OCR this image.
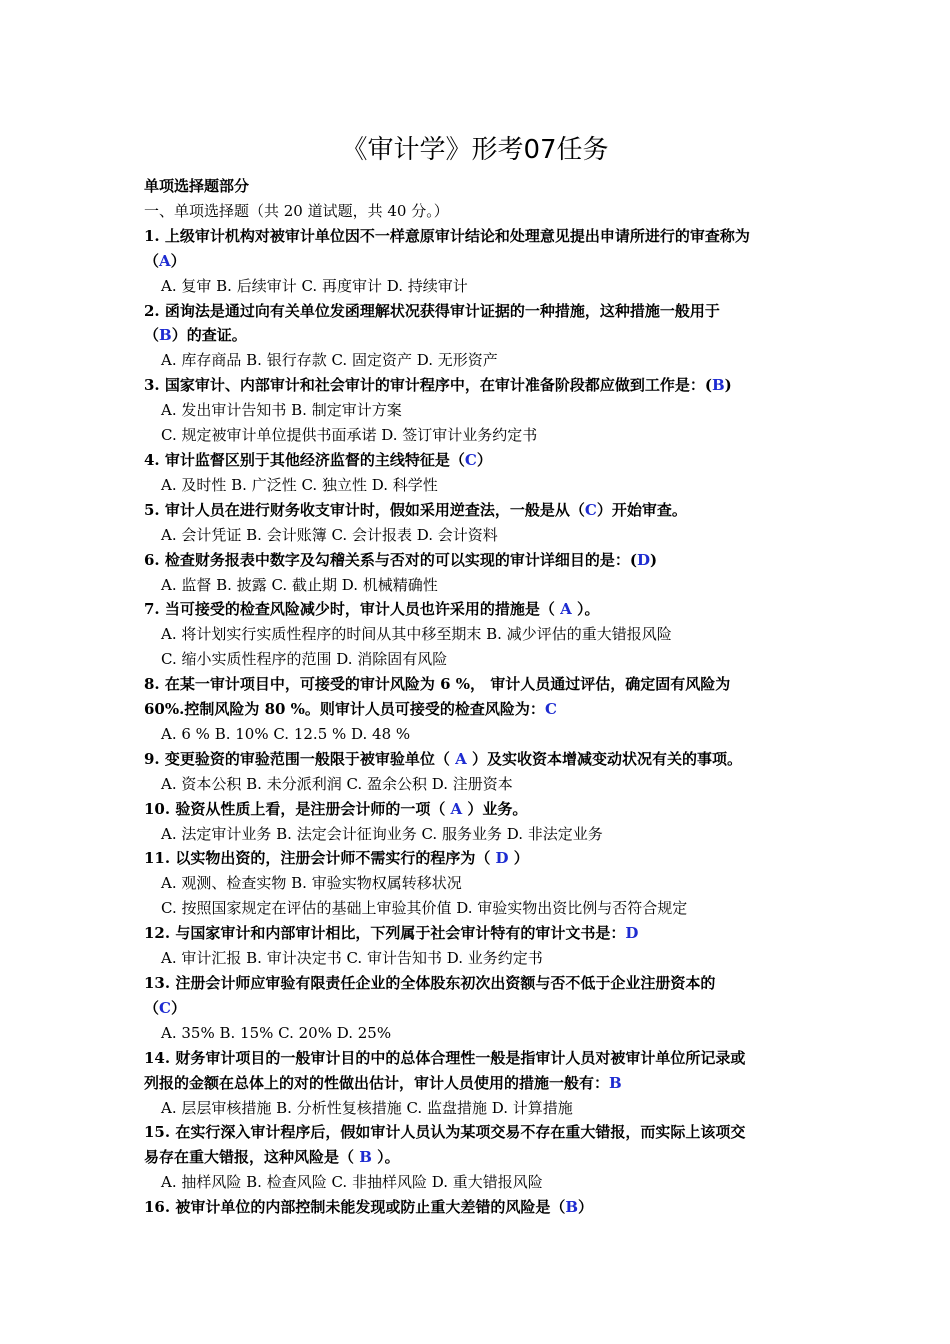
《审计学》形考07任务
单项选择题部分
一、单项选择题（共 20 道试题，共 40 分。）
1. 上级审计机构对被审计单位因不一样意原审计结论和处理意见提出申请所进行的审查称为
（A）
A. 复审 B. 后续审计 C. 再度审计 D. 持续审计
2. 函询法是通过向有关单位发函理解状况获得审计证据的一种措施，这种措施一般用于
（B）的查证。
A. 库存商品 B. 银行存款 C. 固定资产 D. 无形资产
3. 国家审计、内部审计和社会审计的审计程序中，在审计准备阶段都应做到工作是：(B)
A. 发出审计告知书 B. 制定审计方案
C. 规定被审计单位提供书面承诺 D. 签订审计业务约定书
4. 审计监督区别于其他经济监督的主线特征是（C）
A. 及时性 B. 广泛性 C. 独立性 D. 科学性
5. 审计人员在进行财务收支审计时，假如采用逆查法，一般是从（C）开始审查。
A. 会计凭证 B. 会计账簿 C. 会计报表 D. 会计资料
6. 检查财务报表中数字及勾稽关系与否对的可以实现的审计详细目的是：(D)
A. 监督 B. 披露 C. 截止期 D. 机械精确性
7. 当可接受的检查风险减少时，审计人员也许采用的措施是（ A ）。
A. 将计划实行实质性程序的时间从其中移至期末 B. 减少评估的重大错报风险
C. 缩小实质性程序的范围 D. 消除固有风险
8. 在某一审计项目中，可接受的审计风险为 6 %， 审计人员通过评估，确定固有风险为
60%.控制风险为 80 %。则审计人员可接受的检查风险为：C
A. 6 % B. 10% C. 12.5 % D. 48 %
9. 变更验资的审验范围一般限于被审验单位（ A ）及实收资本增减变动状况有关的事项。
A. 资本公积 B. 未分派利润 C. 盈余公积 D. 注册资本
10. 验资从性质上看，是注册会计师的一项（ A ）业务。
A. 法定审计业务 B. 法定会计征询业务 C. 服务业务 D. 非法定业务
11. 以实物出资的，注册会计师不需实行的程序为（ D ）
A. 观测、检查实物 B. 审验实物权属转移状况
C. 按照国家规定在评估的基础上审验其价值 D. 审验实物出资比例与否符合规定
12. 与国家审计和内部审计相比，下列属于社会审计特有的审计文书是：D
A. 审计汇报 B. 审计决定书 C. 审计告知书 D. 业务约定书
13. 注册会计师应审验有限责任企业的全体股东初次出资额与否不低于企业注册资本的
（C）
A. 35% B. 15% C. 20% D. 25%
14. 财务审计项目的一般审计目的中的总体合理性一般是指审计人员对被审计单位所记录或
列报的金额在总体上的对的性做出估计，审计人员使用的措施一般有：B
A. 层层审核措施 B. 分析性复核措施 C. 监盘措施 D. 计算措施
15. 在实行深入审计程序后，假如审计人员认为某项交易不存在重大错报，而实际上该项交
易存在重大错报，这种风险是（ B ）。
A. 抽样风险 B. 检查风险 C. 非抽样风险 D. 重大错报风险
16. 被审计单位的内部控制未能发现或防止重大差错的风险是（B）
